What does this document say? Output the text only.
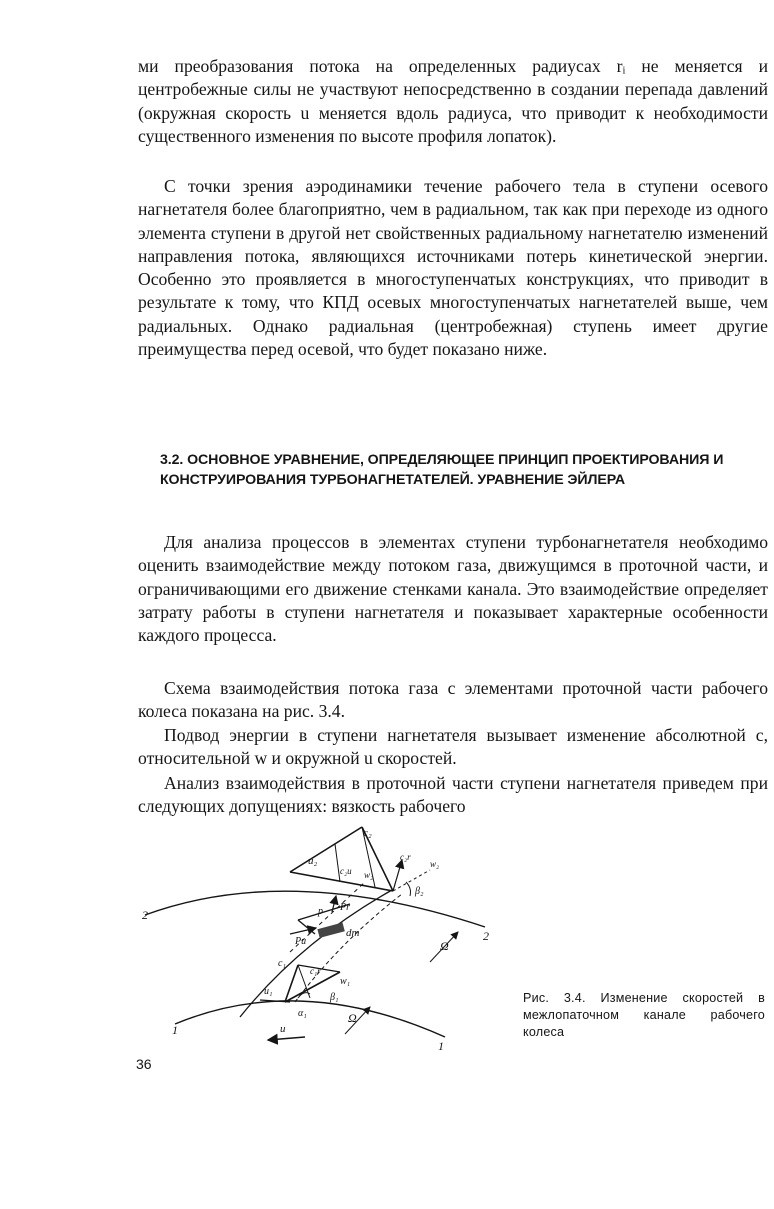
ми преобразования потока на определенных радиусах rᵢ не меняется и центробежные силы не участвуют непосредственно в создании перепада давлений (окружная скорость u меняется вдоль радиуса, что приводит к необходимости существенного изменения по высоте профиля лопаток).

С точки зрения аэродинамики течение рабочего тела в ступени осевого нагнетателя более благоприятно, чем в радиальном, так как при переходе из одного элемента ступени в другой нет свойственных радиальному нагнетателю изменений направления потока, являющихся источниками потерь кинетической энергии. Особенно это проявляется в многоступенчатых конструкциях, что приводит в результате к тому, что КПД осевых многоступенчатых нагнетателей выше, чем радиальных. Однако радиальная (центробежная) ступень имеет другие преимущества перед осевой, что будет показано ниже.

3.2. ОСНОВНОЕ УРАВНЕНИЕ, ОПРЕДЕЛЯЮЩЕЕ ПРИНЦИП ПРОЕКТИРОВАНИЯ И КОНСТРУИРОВАНИЯ ТУРБОНАГНЕТАТЕЛЕЙ. УРАВНЕНИЕ ЭЙЛЕРА

Для анализа процессов в элементах ступени турбонагнетателя необходимо оценить взаимодействие между потоком газа, движущимся в проточной части, и ограничивающими его движение стенками канала. Это взаимодействие определяет затрату работы в ступени нагнетателя и показывает характерные особенности каждого процесса.

Схема взаимодействия потока газа с элементами проточной части рабочего колеса показана на рис. 3.4.

Подвод энергии в ступени нагнетателя вызывает изменение абсолютной c, относительной w и окружной u скоростей.

Анализ взаимодействия в проточной части ступени нагнетателя приведем при следующих допущениях: вязкость рабочего

c₂
u₂
c₂u w₂
c₂r
w₂
β₂
p Pr
Pu
dm
c₁
c₁r
w₁
u₁
β₁
α₁
2
2
1
1
u
Ω
Ω
Рис. 3.4. Изменение скоростей в межлопаточном канале рабочего колеса
36
